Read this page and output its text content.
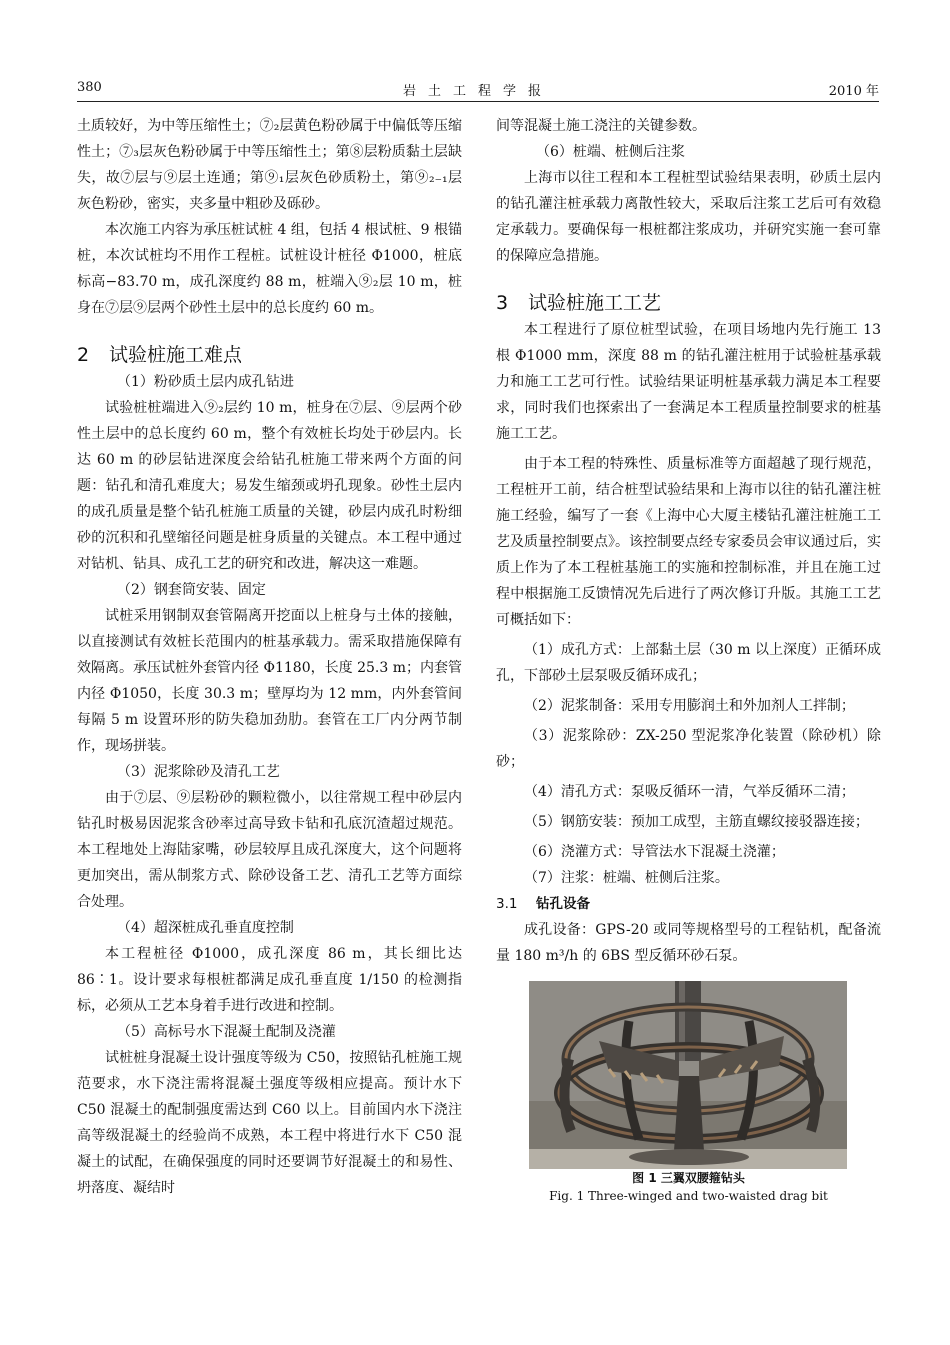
380	岩土工程学报	2010 年

土质较好，为中等压缩性土；⑦₂层黄色粉砂属于中偏低等压缩性土；⑦₃层灰色粉砂属于中等压缩性土；第⑧层粉质黏土层缺失，故⑦层与⑨层土连通；第⑨₁层灰色砂质粉土，第⑨₂₋₁层灰色粉砂，密实，夹多量中粗砂及砾砂。

本次施工内容为承压桩试桩 4 组，包括 4 根试桩、9 根锚桩，本次试桩均不用作工程桩。试桩设计桩径 Φ1000，桩底标高−83.70 m，成孔深度约 88 m，桩端入⑨₂层 10 m，桩身在⑦层⑨层两个砂性土层中的总长度约 60 m。

2 试验桩施工难点

（1）粉砂质土层内成孔钻进

试验桩桩端进入⑨₂层约 10 m，桩身在⑦层、⑨层两个砂性土层中的总长度约 60 m，整个有效桩长均处于砂层内。长达 60 m 的砂层钻进深度会给钻孔桩施工带来两个方面的问题：钻孔和清孔难度大；易发生缩颈或坍孔现象。砂性土层内的成孔质量是整个钻孔桩施工质量的关键，砂层内成孔时粉细砂的沉积和孔壁缩径问题是桩身质量的关键点。本工程中通过对钻机、钻具、成孔工艺的研究和改进，解决这一难题。

（2）钢套筒安装、固定

试桩采用钢制双套管隔离开挖面以上桩身与土体的接触，以直接测试有效桩长范围内的桩基承载力。需采取措施保障有效隔离。承压试桩外套管内径 Φ1180，长度 25.3 m；内套管内径 Φ1050，长度 30.3 m；壁厚均为 12 mm，内外套管间每隔 5 m 设置环形的防失稳加劲肋。套管在工厂内分两节制作，现场拼装。

（3）泥浆除砂及清孔工艺

由于⑦层、⑨层粉砂的颗粒微小，以往常规工程中砂层内钻孔时极易因泥浆含砂率过高导致卡钻和孔底沉渣超过规范。本工程地处上海陆家嘴，砂层较厚且成孔深度大，这个问题将更加突出，需从制浆方式、除砂设备工艺、清孔工艺等方面综合处理。

（4）超深桩成孔垂直度控制

本工程桩径 Φ1000，成孔深度 86 m，其长细比达 86∶1。设计要求每根桩都满足成孔垂直度 1/150 的检测指标，必须从工艺本身着手进行改进和控制。

（5）高标号水下混凝土配制及浇灌

试桩桩身混凝土设计强度等级为 C50，按照钻孔桩施工规范要求，水下浇注需将混凝土强度等级相应提高。预计水下 C50 混凝土的配制强度需达到 C60 以上。目前国内水下浇注高等级混凝土的经验尚不成熟，本工程中将进行水下 C50 混凝土的试配，在确保强度的同时还要调节好混凝土的和易性、坍落度、凝结时

间等混凝土施工浇注的关键参数。

（6）桩端、桩侧后注浆

上海市以往工程和本工程桩型试验结果表明，砂质土层内的钻孔灌注桩承载力离散性较大，采取后注浆工艺后可有效稳定承载力。要确保每一根桩都注浆成功，并研究实施一套可靠的保障应急措施。

3 试验桩施工工艺

本工程进行了原位桩型试验，在项目场地内先行施工 13 根 Φ1000 mm，深度 88 m 的钻孔灌注桩用于试验桩基承载力和施工工艺可行性。试验结果证明桩基承载力满足本工程要求，同时我们也探索出了一套满足本工程质量控制要求的桩基施工工艺。

由于本工程的特殊性、质量标准等方面超越了现行规范，工程桩开工前，结合桩型试验结果和上海市以往的钻孔灌注桩施工经验，编写了一套《上海中心大厦主楼钻孔灌注桩施工工艺及质量控制要点》。该控制要点经专家委员会审议通过后，实质上作为了本工程桩基施工的实施和控制标准，并且在施工过程中根据施工反馈情况先后进行了两次修订升版。其施工工艺可概括如下：

（1）成孔方式：上部黏土层（30 m 以上深度）正循环成孔，下部砂土层泵吸反循环成孔；

（2）泥浆制备：采用专用膨润土和外加剂人工拌制；

（3）泥浆除砂：ZX-250 型泥浆净化装置（除砂机）除砂；

（4）清孔方式：泵吸反循环一清，气举反循环二清；

（5）钢筋安装：预加工成型，主筋直螺纹接驳器连接；

（6）浇灌方式：导管法水下混凝土浇灌；

（7）注浆：桩端、桩侧后注浆。

3.1 钻孔设备

成孔设备：GPS-20 或同等规格型号的工程钻机，配备流量 180 m³/h 的 6BS 型反循环砂石泵。

图 1 三翼双腰箍钻头

Fig. 1 Three-winged and two-waisted drag bit
